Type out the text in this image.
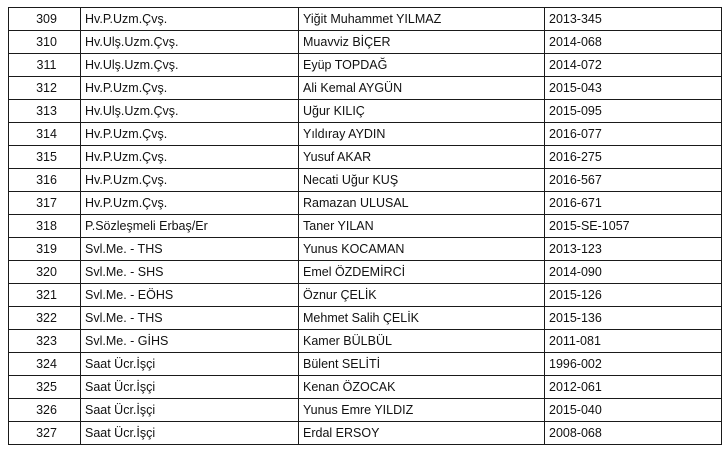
309	Hv.P.Uzm.Çvş.	Yiğit Muhammet YILMAZ	2013-345
310	Hv.Ulş.Uzm.Çvş.	Muavviz BİÇER	2014-068
311	Hv.Ulş.Uzm.Çvş.	Eyüp TOPDAĞ	2014-072
312	Hv.P.Uzm.Çvş.	Ali Kemal AYGÜN	2015-043
313	Hv.Ulş.Uzm.Çvş.	Uğur KILIÇ	2015-095
314	Hv.P.Uzm.Çvş.	Yıldıray AYDIN	2016-077
315	Hv.P.Uzm.Çvş.	Yusuf AKAR	2016-275
316	Hv.P.Uzm.Çvş.	Necati Uğur KUŞ	2016-567
317	Hv.P.Uzm.Çvş.	Ramazan ULUSAL	2016-671
318	P.Sözleşmeli Erbaş/Er	Taner YILAN	2015-SE-1057
319	Svl.Me. - THS	Yunus KOCAMAN	2013-123
320	Svl.Me. - SHS	Emel ÖZDEMİRCİ	2014-090
321	Svl.Me. - EÖHS	Öznur ÇELİK	2015-126
322	Svl.Me. - THS	Mehmet Salih ÇELİK	2015-136
323	Svl.Me. - GİHS	Kamer BÜLBÜL	2011-081
324	Saat Ücr.İşçi	Bülent SELİTİ	1996-002
325	Saat Ücr.İşçi	Kenan ÖZOCAK	2012-061
326	Saat Ücr.İşçi	Yunus Emre YILDIZ	2015-040
327	Saat Ücr.İşçi	Erdal ERSOY	2008-068
